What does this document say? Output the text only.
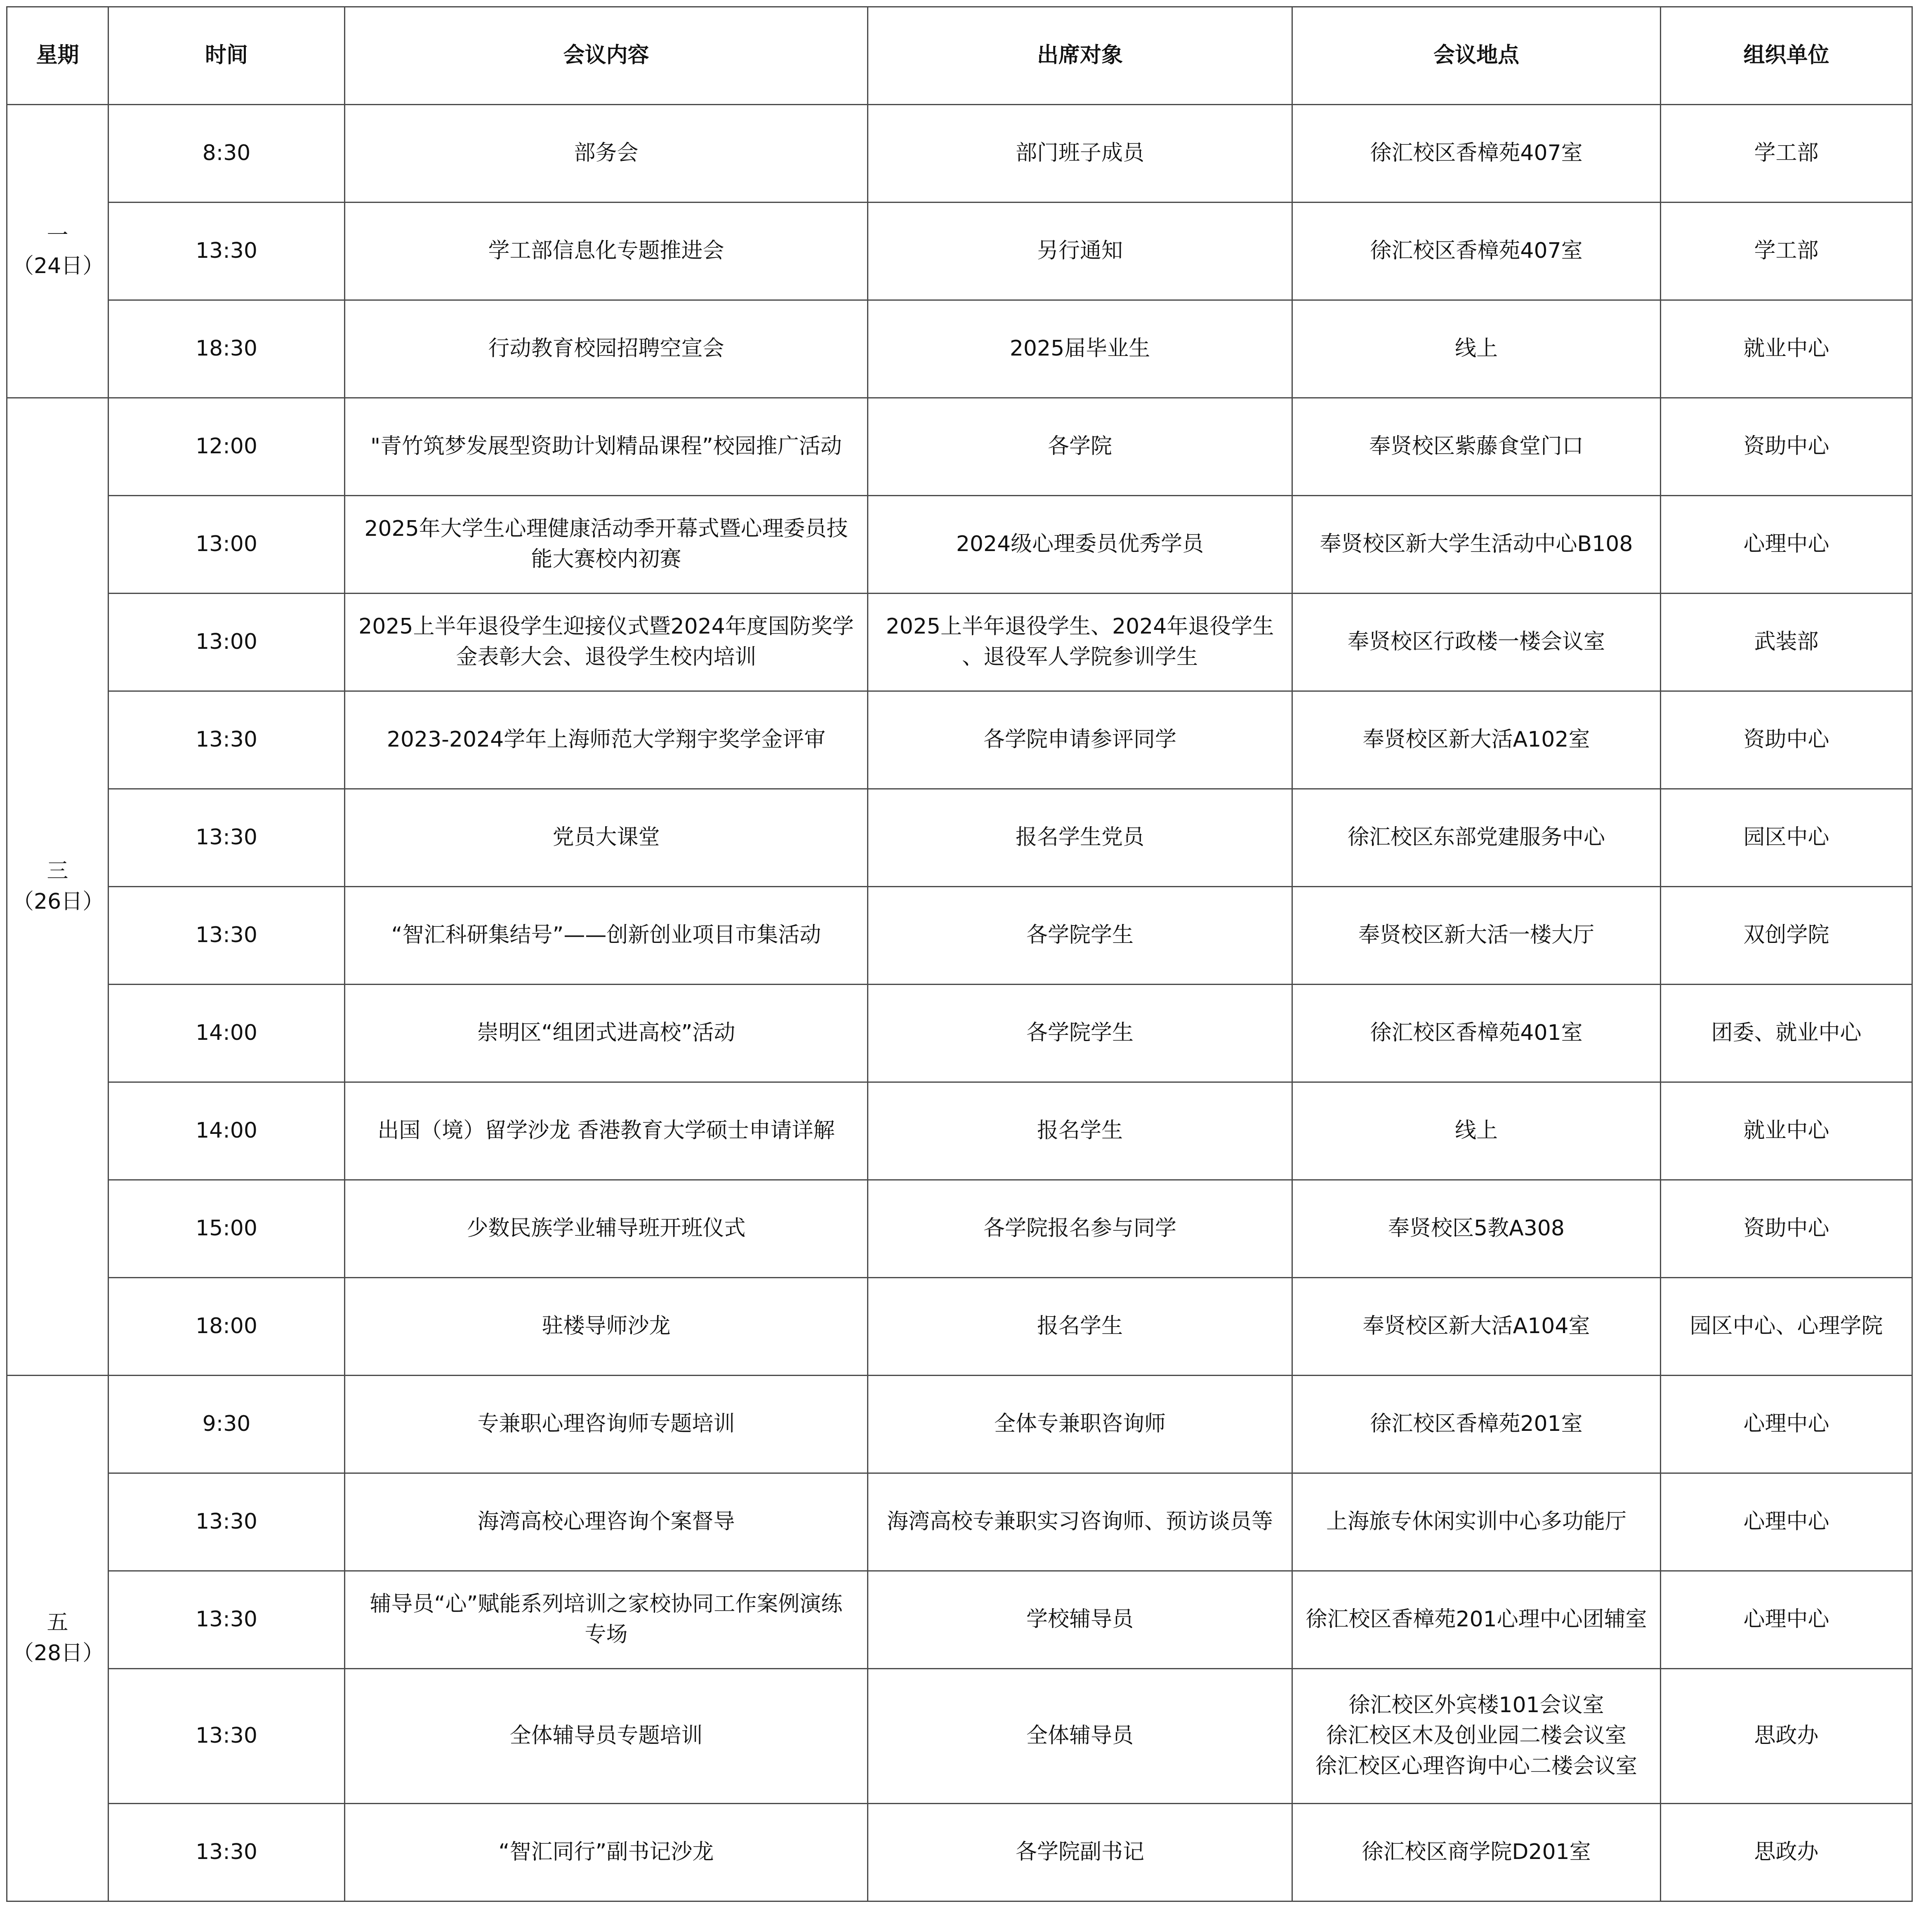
星期	时间	会议内容	出席对象	会议地点	组织单位

一
（24日）	8:30	部务会	部门班子成员	徐汇校区香樟苑407室	学工部
	13:30	学工部信息化专题推进会	另行通知	徐汇校区香樟苑407室	学工部
	18:30	行动教育校园招聘空宣会	2025届毕业生	线上	就业中心

三
（26日）	12:00	"青竹筑梦发展型资助计划精品课程”校园推广活动	各学院	奉贤校区紫藤食堂门口	资助中心
	13:00	2025年大学生心理健康活动季开幕式暨心理委员技
能大赛校内初赛	2024级心理委员优秀学员	奉贤校区新大学生活动中心B108	心理中心
	13:00	2025上半年退役学生迎接仪式暨2024年度国防奖学
金表彰大会、退役学生校内培训	2025上半年退役学生、2024年退役学生
、退役军人学院参训学生	奉贤校区行政楼一楼会议室	武装部
	13:30	2023-2024学年上海师范大学翔宇奖学金评审	各学院申请参评同学	奉贤校区新大活A102室	资助中心
	13:30	党员大课堂	报名学生党员	徐汇校区东部党建服务中心	园区中心
	13:30	“智汇科研集结号”——创新创业项目市集活动	各学院学生	奉贤校区新大活一楼大厅	双创学院
	14:00	崇明区“组团式进高校”活动	各学院学生	徐汇校区香樟苑401室	团委、就业中心
	14:00	出国（境）留学沙龙 香港教育大学硕士申请详解	报名学生	线上	就业中心
	15:00	少数民族学业辅导班开班仪式	各学院报名参与同学	奉贤校区5教A308	资助中心
	18:00	驻楼导师沙龙	报名学生	奉贤校区新大活A104室	园区中心、心理学院

五
（28日）	9:30	专兼职心理咨询师专题培训	全体专兼职咨询师	徐汇校区香樟苑201室	心理中心
	13:30	海湾高校心理咨询个案督导	海湾高校专兼职实习咨询师、预访谈员等	上海旅专休闲实训中心多功能厅	心理中心
	13:30	辅导员“心”赋能系列培训之家校协同工作案例演练
专场	学校辅导员	徐汇校区香樟苑201心理中心团辅室	心理中心
	13:30	全体辅导员专题培训	全体辅导员	徐汇校区外宾楼101会议室
徐汇校区木及创业园二楼会议室
徐汇校区心理咨询中心二楼会议室	思政办
	13:30	“智汇同行”副书记沙龙	各学院副书记	徐汇校区商学院D201室	思政办
